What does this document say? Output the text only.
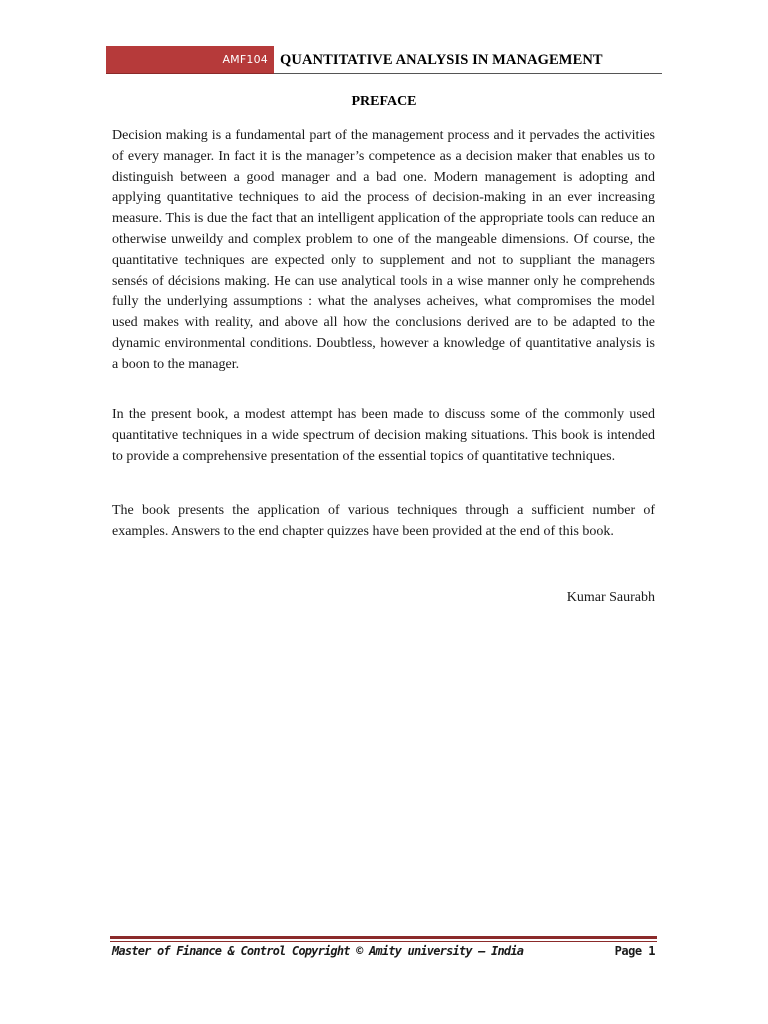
AMF104 QUANTITATIVE ANALYSIS IN MANAGEMENT
PREFACE

Decision making is a fundamental part of the management process and it pervades the activities of every manager. In fact it is the manager’s competence as a decision maker that enables us to distinguish between a good manager and a bad one. Modern management is adopting and applying quantitative techniques to aid the process of decision-making in an ever increasing measure. This is due the fact that an intelligent application of the appropriate tools can reduce an otherwise unweildy and complex problem to one of the mangeable dimensions. Of course, the quantitative techniques are expected only to supplement and not to suppliant the managers sensés of décisions making. He can use analytical tools in a wise manner only he comprehends fully the underlying assumptions : what the analyses acheives, what compromises the model used makes with reality, and above all how the conclusions derived are to be adapted to the dynamic environmental conditions. Doubtless, however a knowledge of quantitative analysis is a boon to the manager.

In the present book, a modest attempt has been made to discuss some of the commonly used quantitative techniques in a wide spectrum of decision making situations. This book is intended to provide a comprehensive presentation of the essential topics of quantitative techniques.

The book presents the application of various techniques through a sufficient number of examples. Answers to the end chapter quizzes have been provided at the end of this book.

Kumar Saurabh
Master of Finance & Control Copyright © Amity university – India	Page 1
